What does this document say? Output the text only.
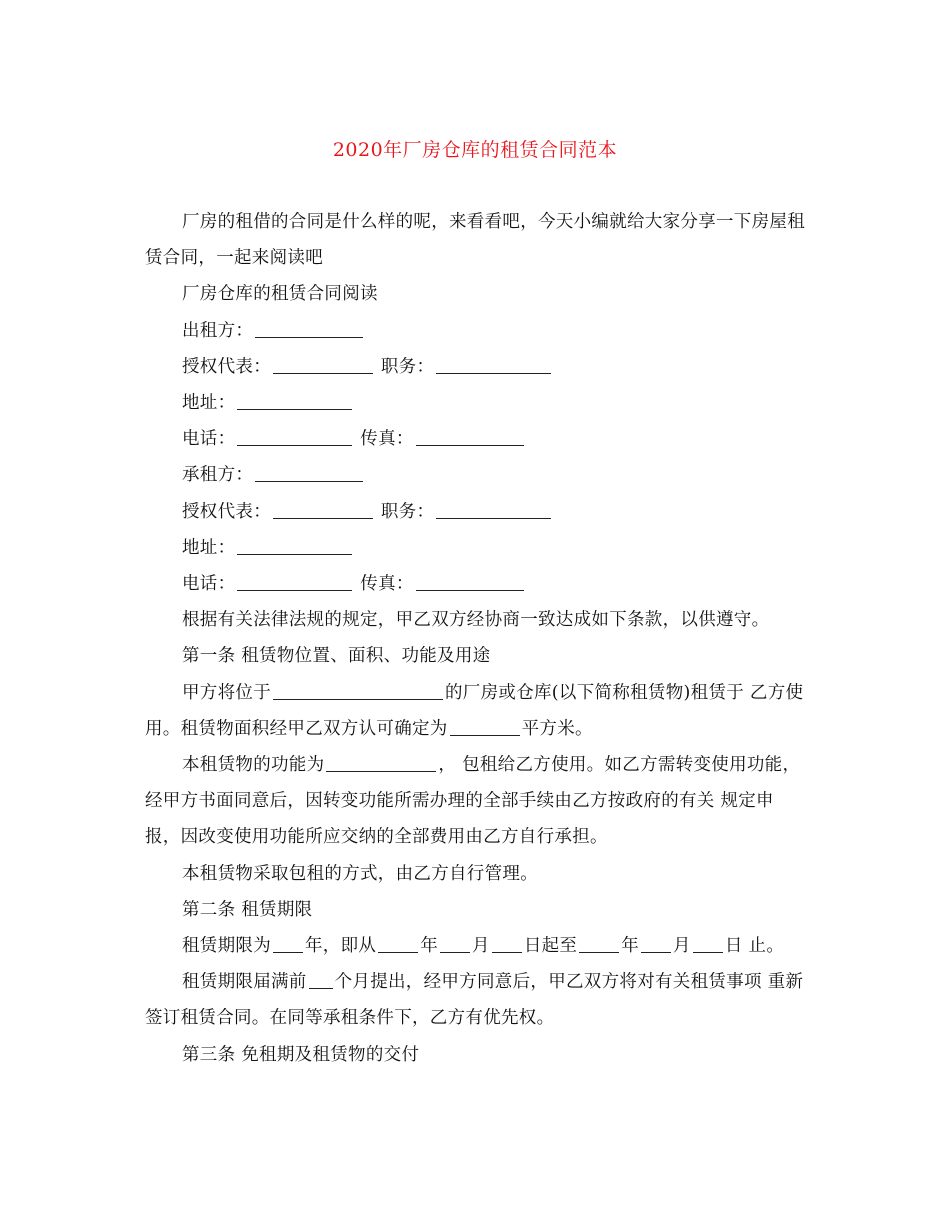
2020年厂房仓库的租赁合同范本

厂房的租借的合同是什么样的呢，来看看吧，今天小编就给大家分享一下房屋租赁合同，一起来阅读吧

厂房仓库的租赁合同阅读

出租方：

授权代表：	职务：

地址：

电话：	传真：

承租方：

授权代表：	职务：

地址：

电话：	传真：

根据有关法律法规的规定，甲乙双方经协商一致达成如下条款，以供遵守。

第一条 租赁物位置、面积、功能及用途

甲方将位于	的厂房或仓库(以下简称租赁物)租赁于 乙方使用。租赁物面积经甲乙双方认可确定为	平方米。

本租赁物的功能为	， 包租给乙方使用。如乙方需转变使用功能，经甲方书面同意后，因转变功能所需办理的全部手续由乙方按政府的有关 规定申报，因改变使用功能所应交纳的全部费用由乙方自行承担。

本租赁物采取包租的方式，由乙方自行管理。

第二条 租赁期限

租赁期限为 年，即从	年 月 日起至	年 月 日 止。

租赁期限届满前 个月提出，经甲方同意后，甲乙双方将对有关租赁事项 重新签订租赁合同。在同等承租条件下，乙方有优先权。

第三条 免租期及租赁物的交付
